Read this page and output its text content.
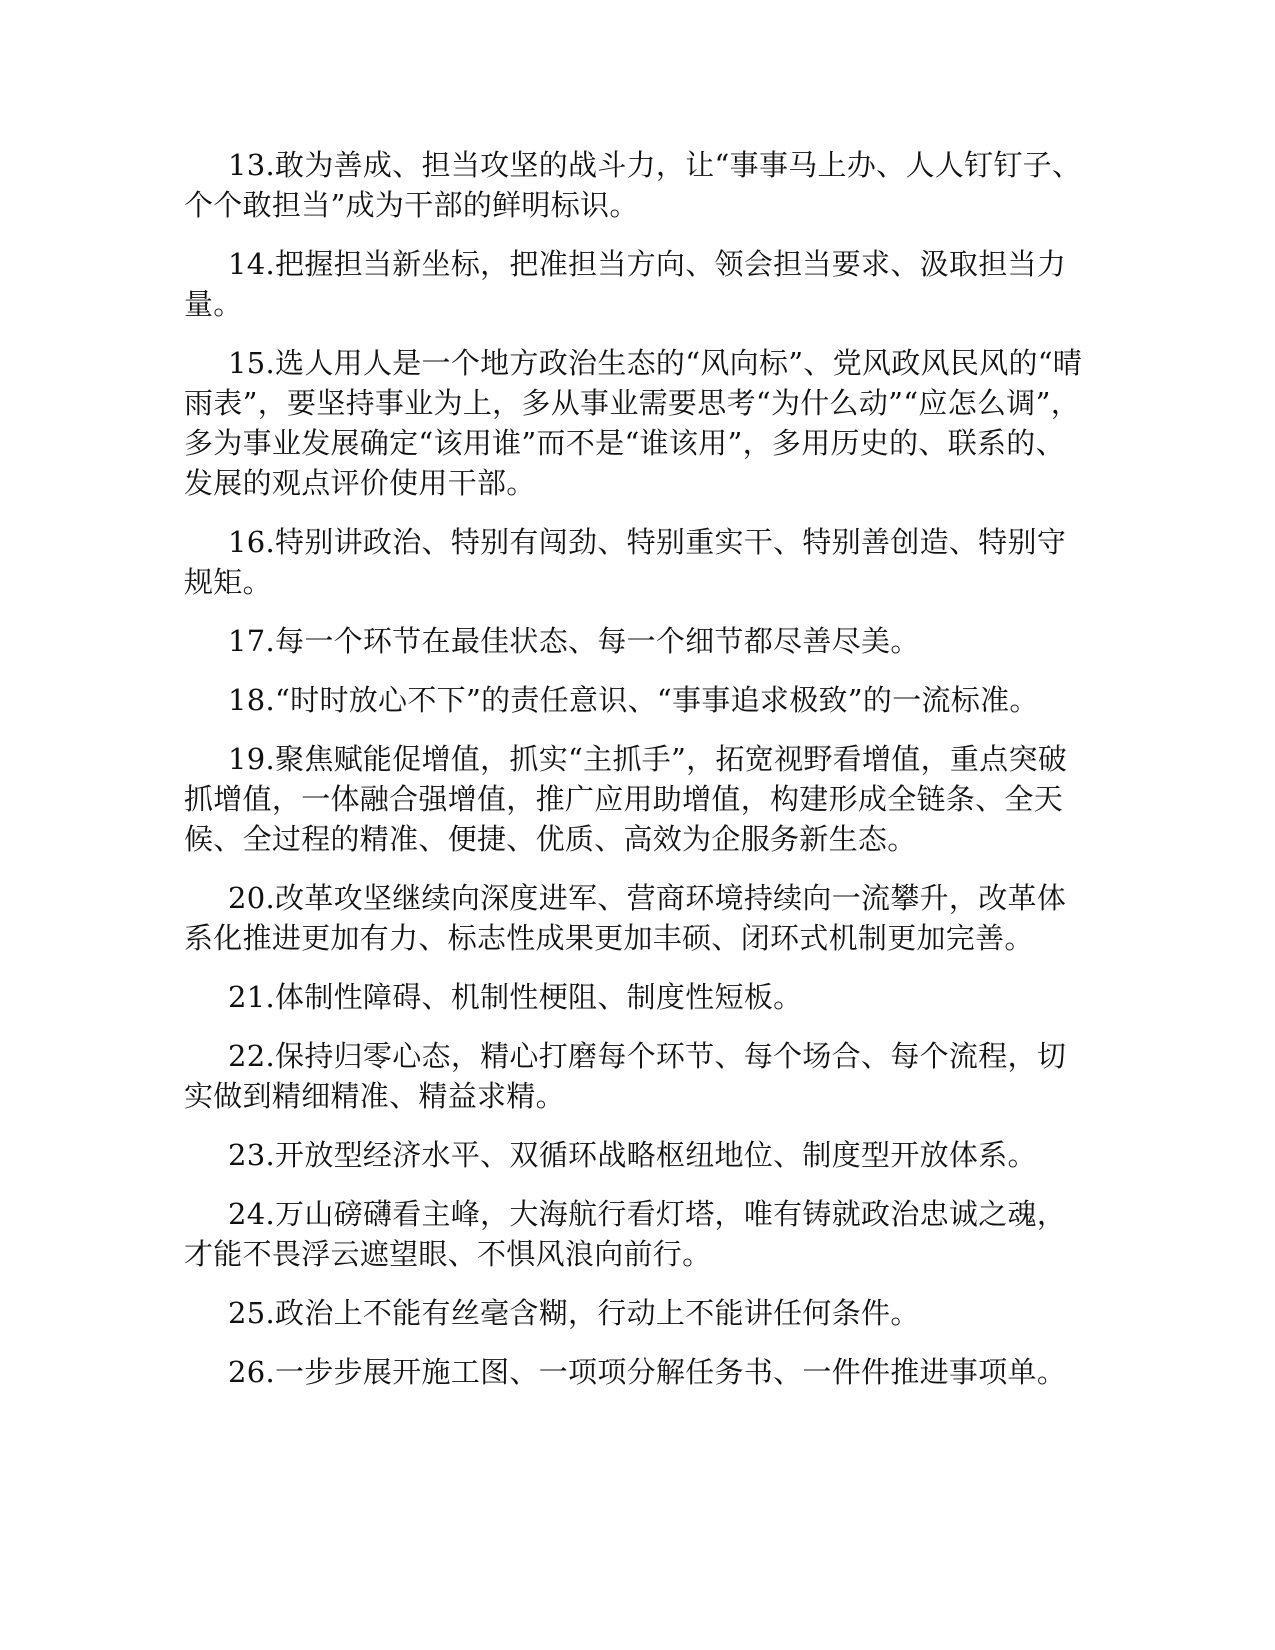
13.敢为善成、担当攻坚的战斗力，让“事事马上办、人人钉钉子、个个敢担当”成为干部的鲜明标识。

14.把握担当新坐标，把准担当方向、领会担当要求、汲取担当力量。

15.选人用人是一个地方政治生态的“风向标”、党风政风民风的“晴雨表”，要坚持事业为上，多从事业需要思考“为什么动”“应怎么调”，多为事业发展确定“该用谁”而不是“谁该用”，多用历史的、联系的、发展的观点评价使用干部。

16.特别讲政治、特别有闯劲、特别重实干、特别善创造、特别守规矩。

17.每一个环节在最佳状态、每一个细节都尽善尽美。

18.“时时放心不下”的责任意识、“事事追求极致”的一流标准。

19.聚焦赋能促增值，抓实“主抓手”，拓宽视野看增值，重点突破抓增值，一体融合强增值，推广应用助增值，构建形成全链条、全天候、全过程的精准、便捷、优质、高效为企服务新生态。

20.改革攻坚继续向深度进军、营商环境持续向一流攀升，改革体系化推进更加有力、标志性成果更加丰硕、闭环式机制更加完善。

21.体制性障碍、机制性梗阻、制度性短板。

22.保持归零心态，精心打磨每个环节、每个场合、每个流程，切实做到精细精准、精益求精。

23.开放型经济水平、双循环战略枢纽地位、制度型开放体系。

24.万山磅礴看主峰，大海航行看灯塔，唯有铸就政治忠诚之魂，才能不畏浮云遮望眼、不惧风浪向前行。

25.政治上不能有丝毫含糊，行动上不能讲任何条件。

26.一步步展开施工图、一项项分解任务书、一件件推进事项单。
